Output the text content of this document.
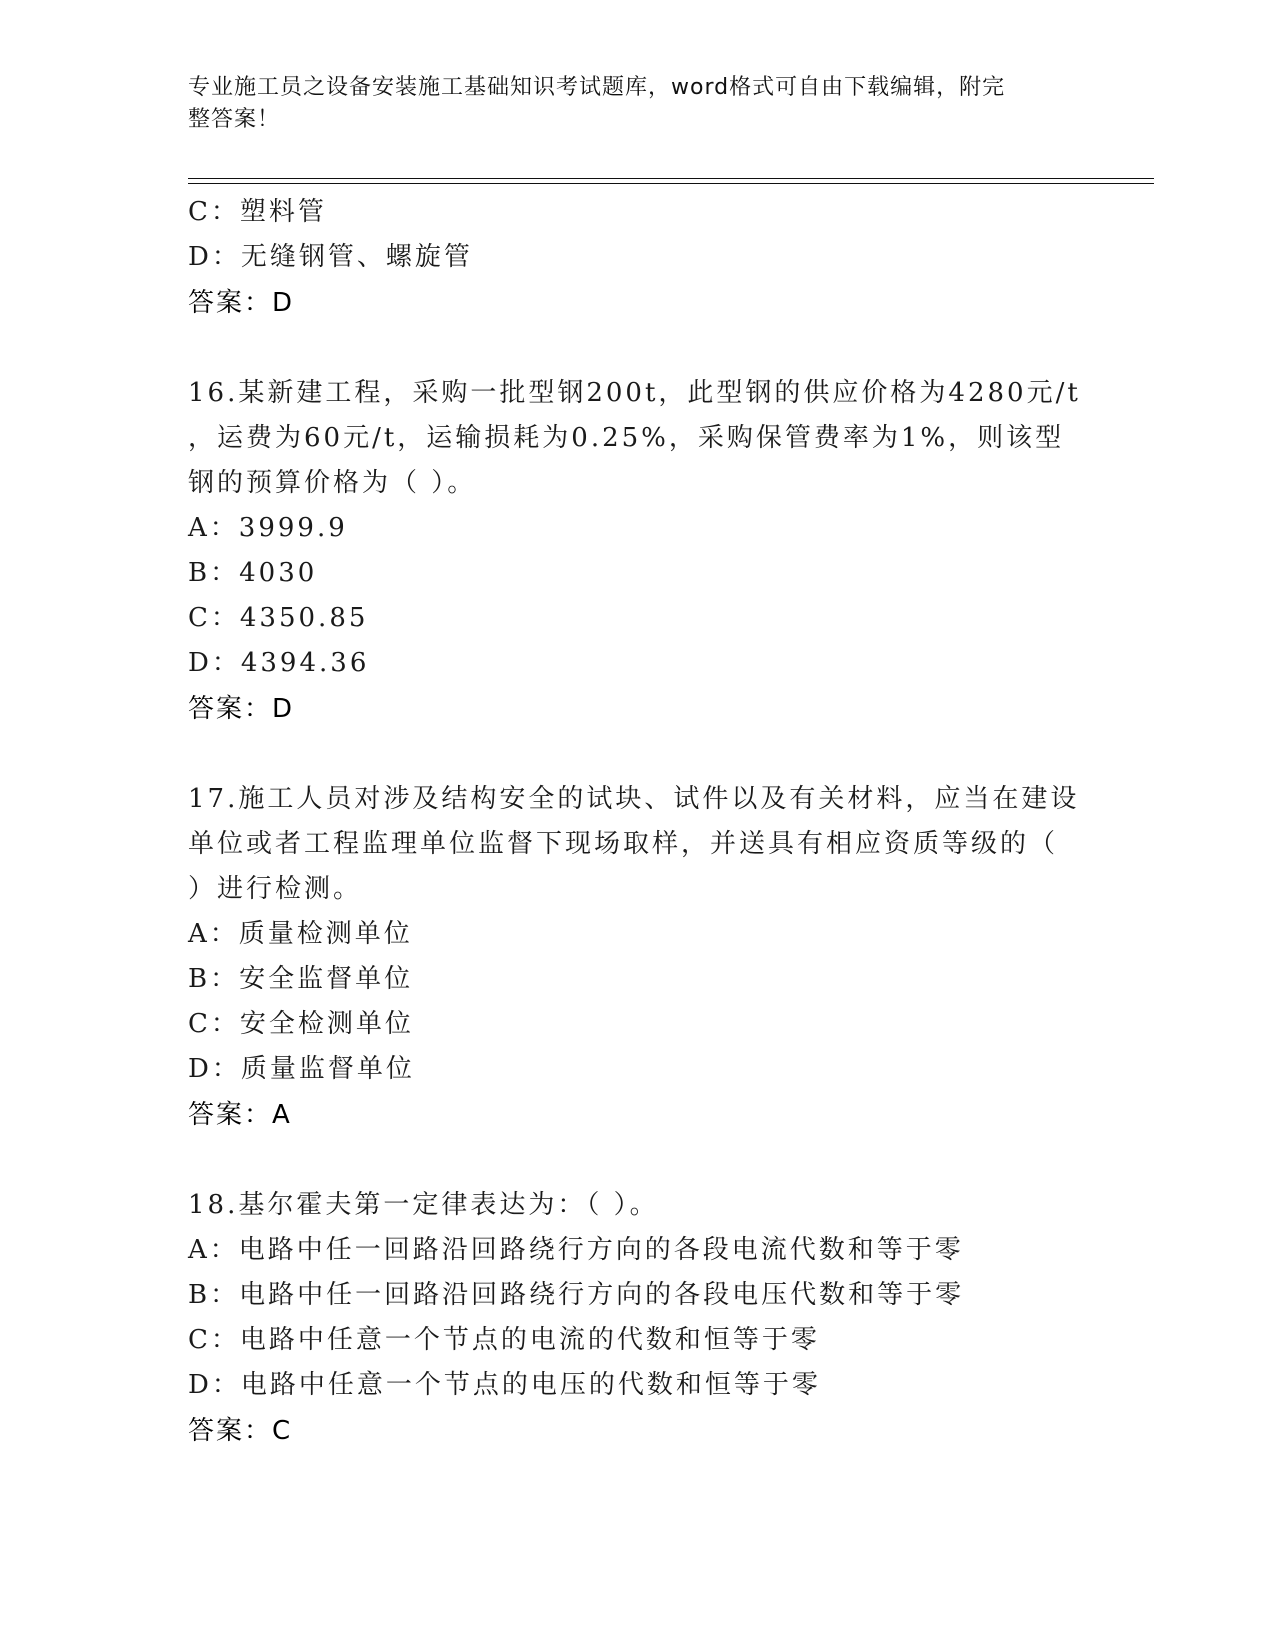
专业施工员之设备安装施工基础知识考试题库，word格式可自由下载编辑，附完
整答案！
C：塑料管
D：无缝钢管、螺旋管
答案：D
16.某新建工程，采购一批型钢200t，此型钢的供应价格为4280元/t
，运费为60元/t，运输损耗为0.25%，采购保管费率为1%，则该型
钢的预算价格为（ ）。
A：3999.9
B：4030
C：4350.85
D：4394.36
答案：D
17.施工人员对涉及结构安全的试块、试件以及有关材料，应当在建设
单位或者工程监理单位监督下现场取样，并送具有相应资质等级的（
）进行检测。
A：质量检测单位
B：安全监督单位
C：安全检测单位
D：质量监督单位
答案：A
18.基尔霍夫第一定律表达为：（ ）。
A：电路中任一回路沿回路绕行方向的各段电流代数和等于零
B：电路中任一回路沿回路绕行方向的各段电压代数和等于零
C：电路中任意一个节点的电流的代数和恒等于零
D：电路中任意一个节点的电压的代数和恒等于零
答案：C
